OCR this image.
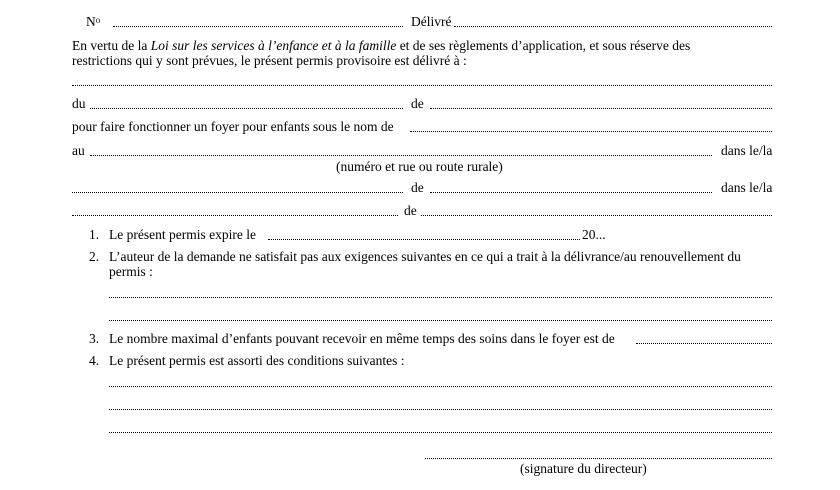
$N^o$	Délivré
En vertu de la Loi sur les services à l’enfance et à la famille et de ses règlements d’application, et sous réserve des
restrictions qui y sont prévues, le présent permis provisoire est délivré à :
du	de
pour faire fonctionner un foyer pour enfants sous le nom de
au	dans le/la
(numéro et rue ou route rurale)
de	dans le/la
de
1. Le présent permis expire le	20...
2. L’auteur de la demande ne satisfait pas aux exigences suivantes en ce qui a trait à la délivrance/au renouvellement du
permis :
3. Le nombre maximal d’enfants pouvant recevoir en même temps des soins dans le foyer est de
4. Le présent permis est assorti des conditions suivantes :
(signature du directeur)
